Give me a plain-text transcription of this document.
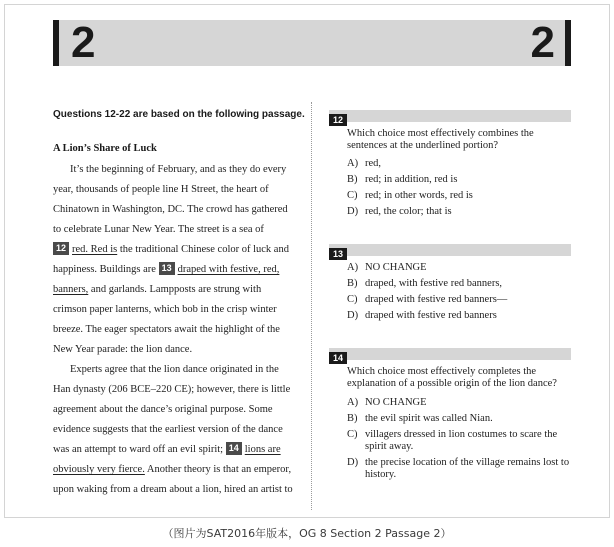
2	2
Questions 12-22 are based on the following passage.
A Lion’s Share of Luck
It’s the beginning of February, and as they do every
year, thousands of people line H Street, the heart of
Chinatown in Washington, DC. The crowd has gathered
to celebrate Lunar New Year. The street is a sea of
12 red. Red is the traditional Chinese color of luck and
happiness. Buildings are 13 draped with festive, red,
banners, and garlands. Lampposts are strung with
crimson paper lanterns, which bob in the crisp winter
breeze. The eager spectators await the highlight of the
New Year parade: the lion dance.
Experts agree that the lion dance originated in the
Han dynasty (206 BCE–220 CE); however, there is little
agreement about the dance’s original purpose. Some
evidence suggests that the earliest version of the dance
was an attempt to ward off an evil spirit; 14 lions are
obviously very fierce. Another theory is that an emperor,
upon waking from a dream about a lion, hired an artist to
12
Which choice most effectively combines the
sentences at the underlined portion?
A) red,
B) red; in addition, red is
C) red; in other words, red is
D) red, the color; that is
13
A) NO CHANGE
B) draped, with festive red banners,
C) draped with festive red banners—
D) draped with festive red banners
14
Which choice most effectively completes the
explanation of a possible origin of the lion dance?
A) NO CHANGE
B) the evil spirit was called Nian.
C) villagers dressed in lion costumes to scare the
spirit away.
D) the precise location of the village remains lost to
history.
（图片为SAT2016年版本，OG 8 Section 2 Passage 2）
